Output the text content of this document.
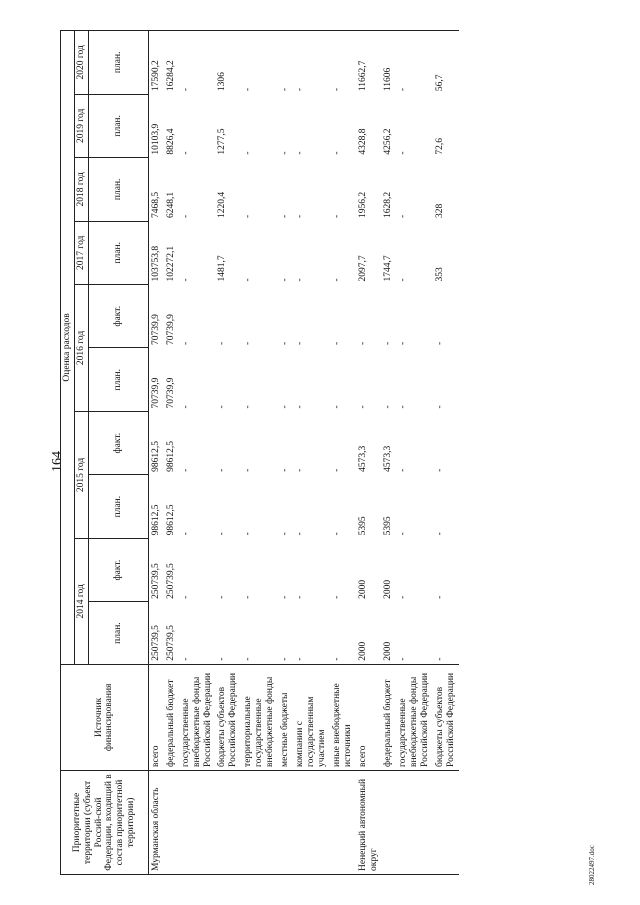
164
28022497.doc
Приоритетные территории (субъект Россий-ской Федерации, входящий в состав приоритетной территории)	Источник финансирования	Оценка расходов									
		2014 год		2015 год		2016 год		2017 год	2018 год	2019 год	2020 год
		план.	факт.	план.	факт.	план.	факт.	план.	план.	план.	план.
Мурманская область	всего	250739,5	250739,5	98612,5	98612,5	70739,9	70739,9	103753,8	7468,5	10103,9	17590,2
	федеральный бюджет	250739,5	250739,5	98612,5	98612,5	70739,9	70739,9	102272,1	6248,1	8826,4	16284,2
	государственные внебюджетные фонды Российской Федерации	-	-	-	-	-	-	-	-	-	-
	бюджеты субъектов Российской Федерации	-	-	-	-	-	-	1481,7	1220,4	1277,5	1306
	территориальные государственные внебюджетные фонды	-	-	-	-	-	-	-	-	-	-
	местные бюджеты	-	-	-	-	-	-	-	-	-	-
	компании с государственным участием	-	-	-	-	-	-	-	-	-	-
	иные внебюджетные источники	-	-	-	-	-	-	-	-	-	-
Ненецкий автономный округ	всего	2000	2000	5395	4573,3	-	-	2097,7	1956,2	4328,8	11662,7
	федеральный бюджет	2000	2000	5395	4573,3	-	-	1744,7	1628,2	4256,2	11606
	государственные внебюджетные фонды Российской Федерации	-	-	-	-	-	-	-	-	-	-
	бюджеты субъектов Российской Федерации	-	-	-	-	-	-	353	328	72,6	56,7
